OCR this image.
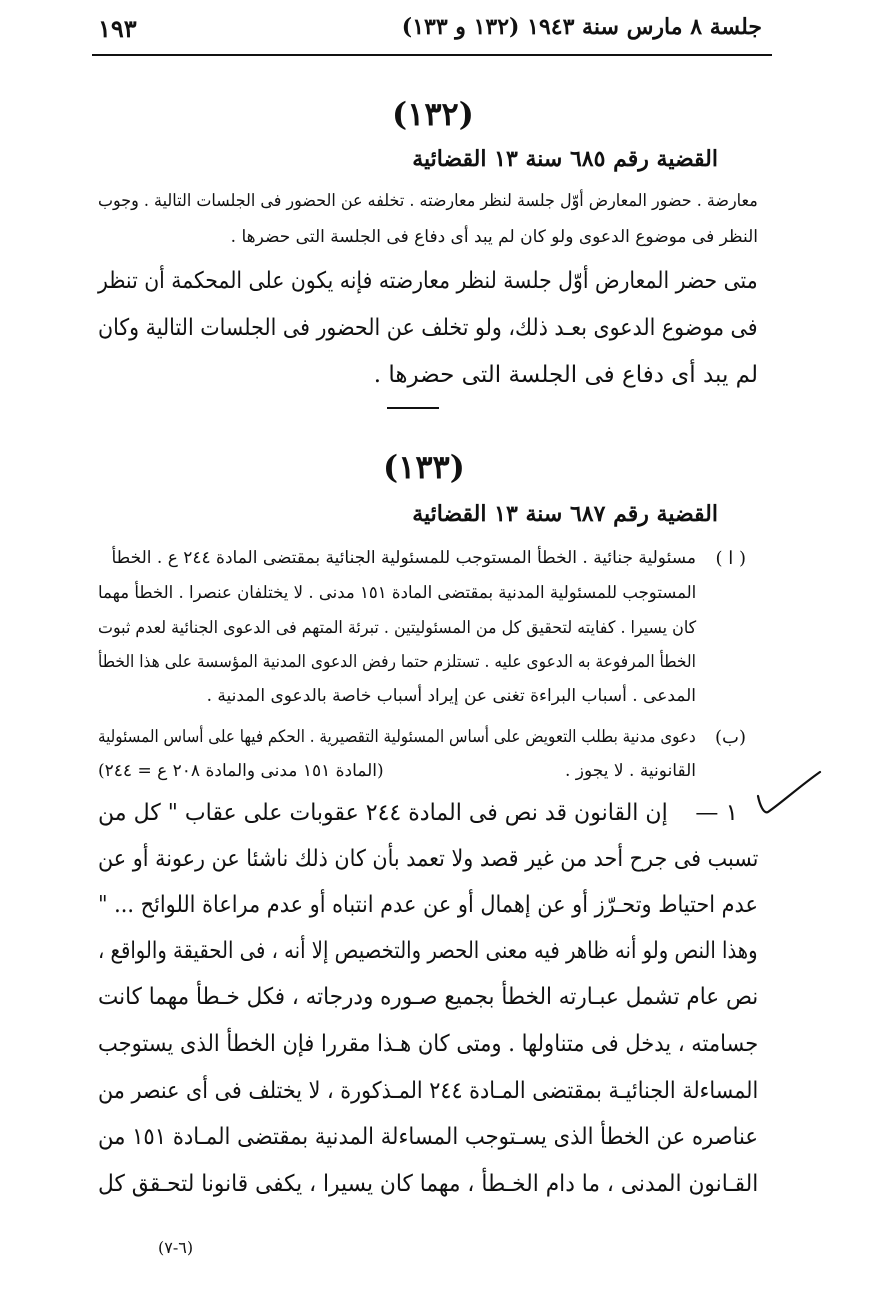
جلسة ٨ مارس سنة ١٩٤٣ (١٣٢ و ١٣٣)
١٩٣
(١٣٢)
القضية رقم ٦٨٥ سنة ١٣ القضائية
معارضة . حضور المعارض أوّل جلسة لنظر معارضته . تخلفه عن الحضور فى الجلسات التالية . وجوب
النظر فى موضوع الدعوى ولو كان لم يبد أى دفاع فى الجلسة التى حضرها .
متى حضر المعارض أوّل جلسة لنظر معارضته فإنه يكون على المحكمة أن تنظر
فى موضوع الدعوى بعـد ذلك، ولو تخلف عن الحضور فى الجلسات التالية وكان
لم يبد أى دفاع فى الجلسة التى حضرها .
(١٣٣)
القضية رقم ٦٨٧ سنة ١٣ القضائية
( ا )
مسئولية جنائية . الخطأ المستوجب للمسئولية الجنائية بمقتضى المادة ٢٤٤ ع . الخطأ
المستوجب للمسئولية المدنية بمقتضى المادة ١٥١ مدنى . لا يختلفان عنصرا . الخطأ مهما
كان يسيرا . كفايته لتحقيق كل من المسئوليتين . تبرئة المتهم فى الدعوى الجنائية لعدم ثبوت
الخطأ المرفوعة به الدعوى عليه . تستلزم حتما رفض الدعوى المدنية المؤسسة على هذا الخطأ
المدعى . أسباب البراءة تغنى عن إيراد أسباب خاصة بالدعوى المدنية .
(ب)
دعوى مدنية بطلب التعويض على أساس المسئولية التقصيرية . الحكم فيها على أساس المسئولية
القانونية . لا يجوز .
(المادة ١٥١ مدنى والمادة ٢٠٨ ع = ٢٤٤)
١ —
إن القانون قد نص فى المادة ٢٤٤ عقوبات على عقاب " كل من
تسبب فى جرح أحد من غير قصد ولا تعمد بأن كان ذلك ناشئا عن رعونة أو عن
عدم احتياط وتحـرّز أو عن إهمال أو عن عدم انتباه أو عدم مراعاة اللوائح ... "
وهذا النص ولو أنه ظاهر فيه معنى الحصر والتخصيص إلا أنه ، فى الحقيقة والواقع ،
نص عام تشمل عبـارته الخطأ بجميع صـوره ودرجاته ، فكل خـطأ مهما كانت
جسامته ، يدخل فى متناولها . ومتى كان هـذا مقررا فإن الخطأ الذى يستوجب
المساءلة الجنائيـة بمقتضى المـادة ٢٤٤ المـذكورة ، لا يختلف فى أى عنصر من
عناصره عن الخطأ الذى يسـتوجب المساءلة المدنية بمقتضى المـادة ١٥١ من
القـانون المدنى ، ما دام الخـطأ ، مهما كان يسيرا ، يكفى قانونا لتحـقق كل
(٦-٧)
